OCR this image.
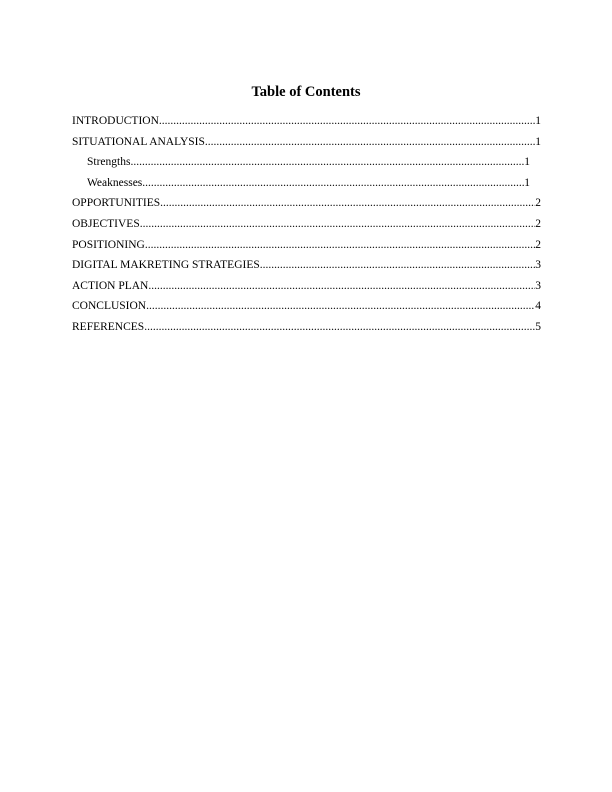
Table of Contents
INTRODUCTION .....	1
SITUATIONAL ANALYSIS .....	1
Strengths .....	1
Weaknesses .....	1
OPPORTUNITIES .....	2
OBJECTIVES .....	2
POSITIONING .....	2
DIGITAL MAKRETING STRATEGIES .....	3
ACTION PLAN .....	3
CONCLUSION .....	4
REFERENCES .....	5
